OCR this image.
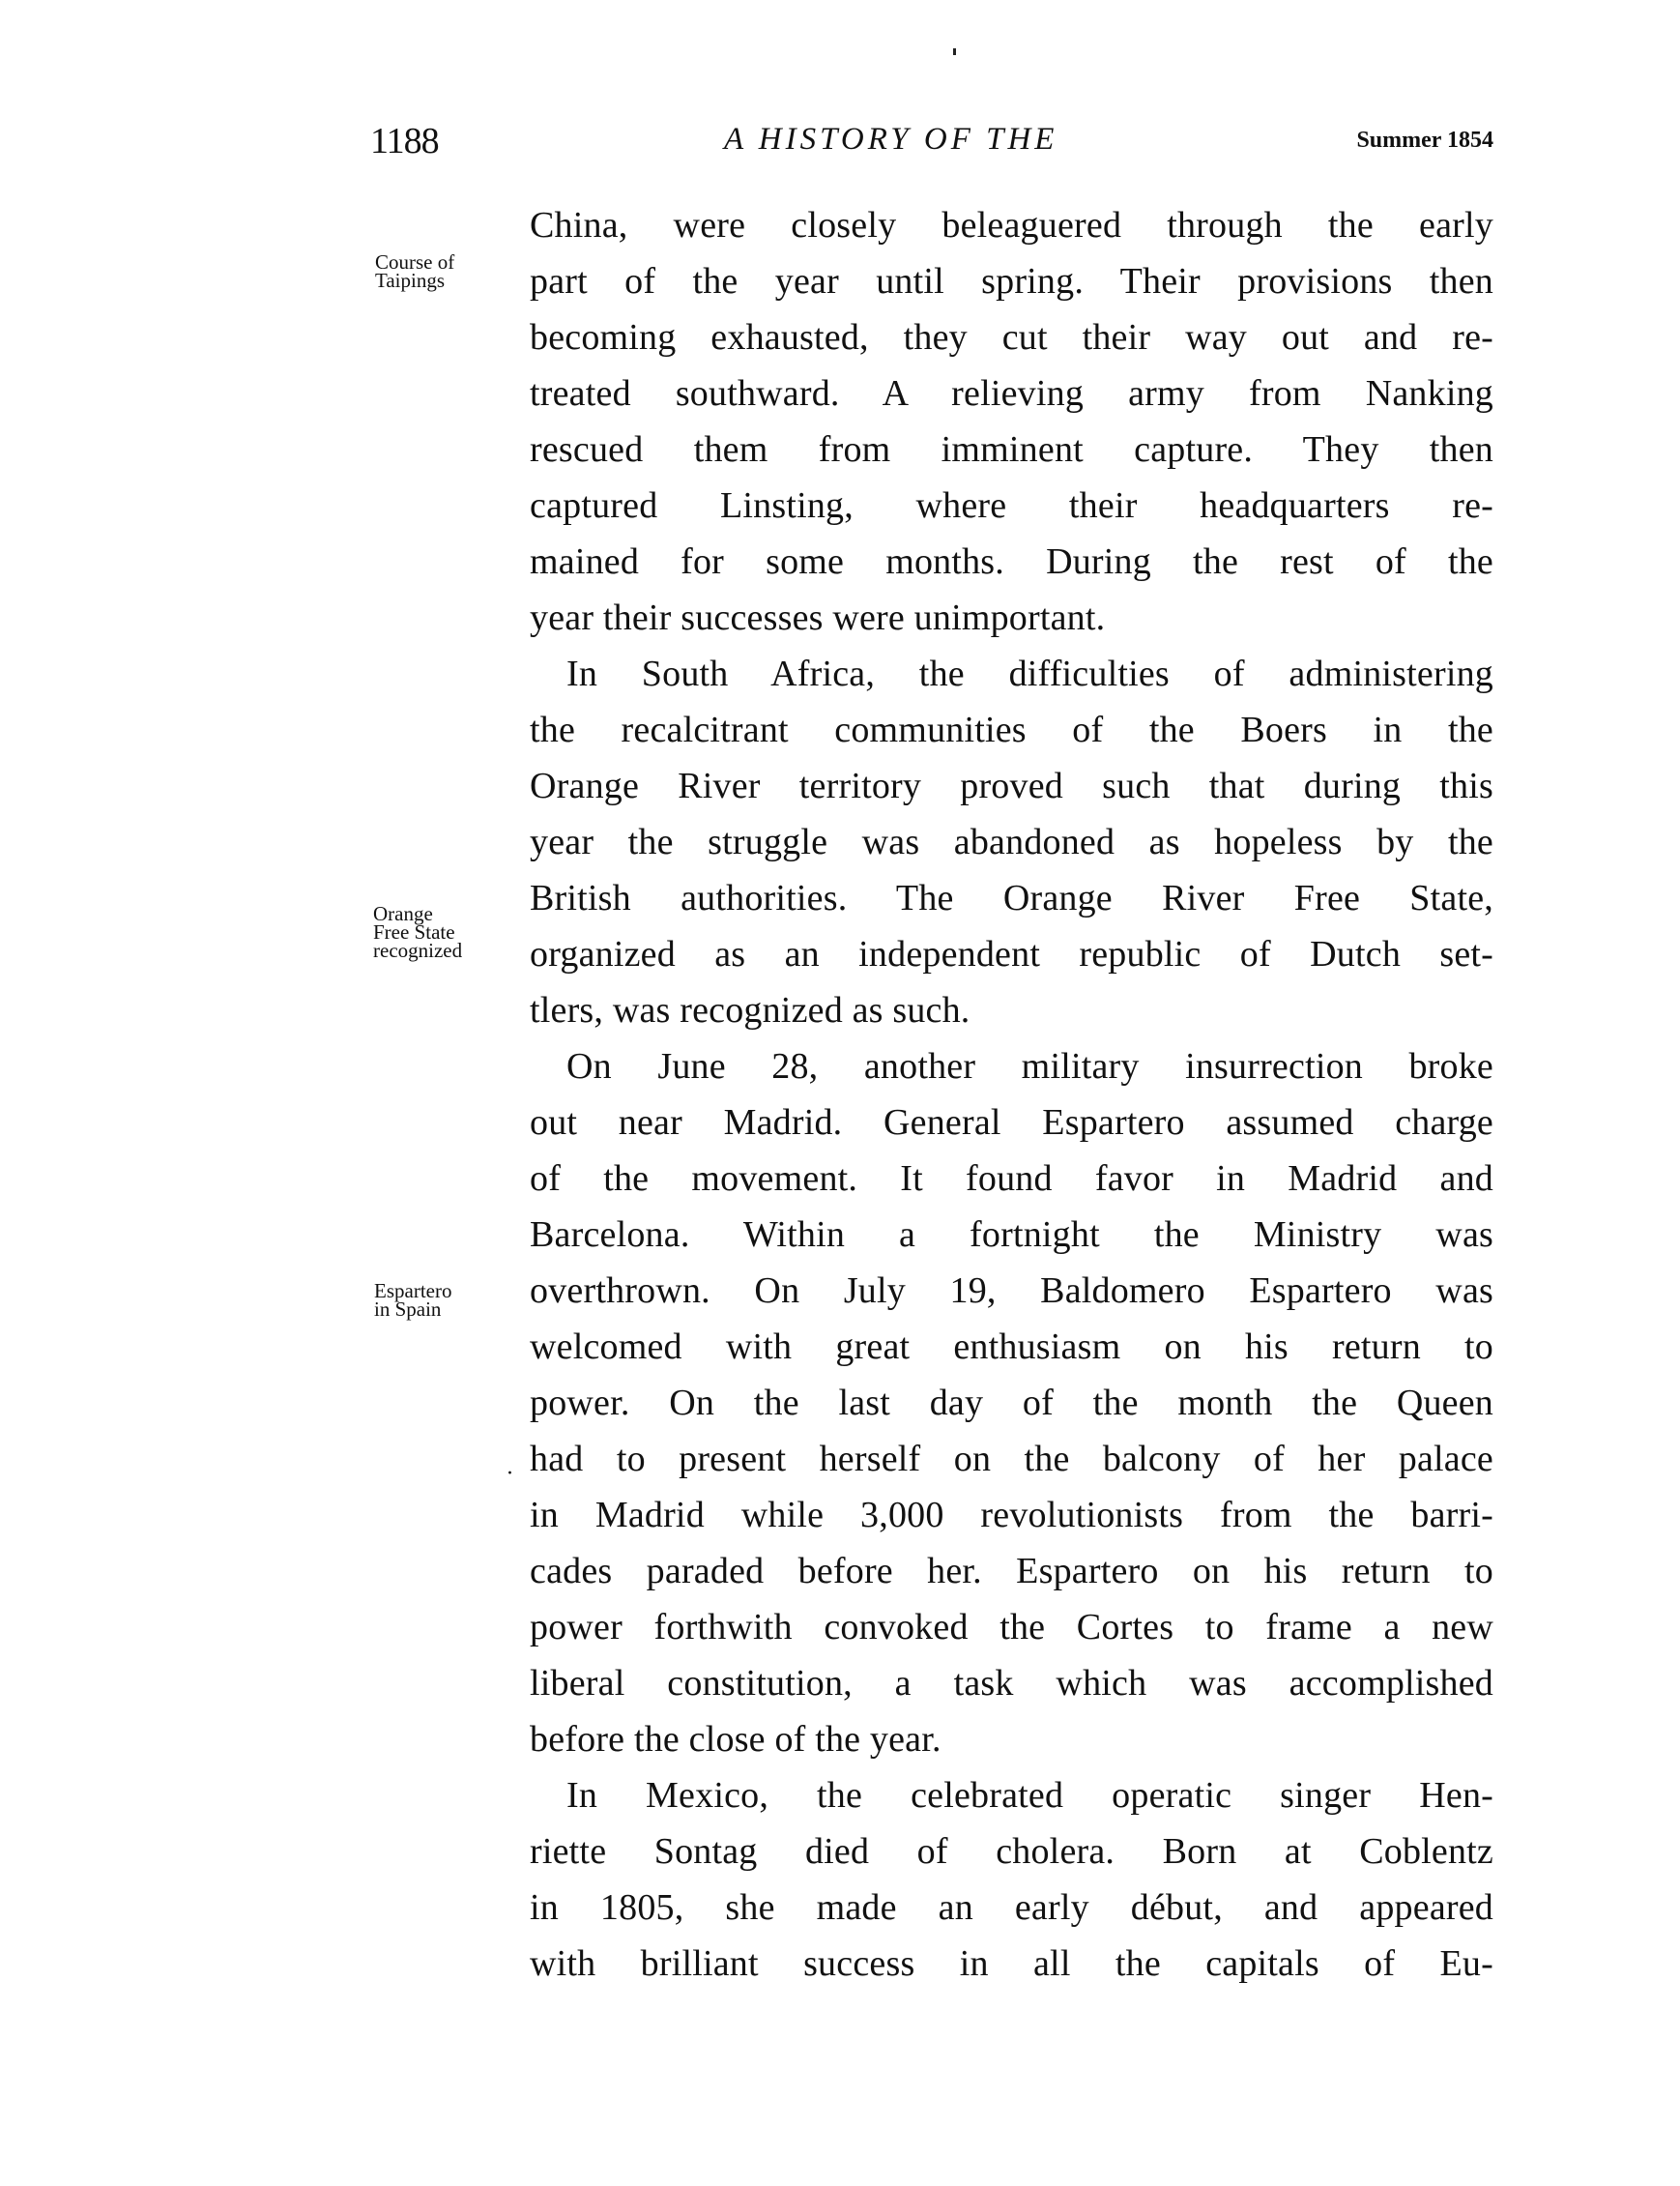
1188	A HISTORY OF THE	Summer 1854
Course of
Taipings
Orange
Free State
recognized
Espartero
in Spain
·
China, were closely beleaguered through the early
part of the year until spring. Their provisions then
becoming exhausted, they cut their way out and re-
treated southward. A relieving army from Nanking
rescued them from imminent capture. They then
captured Linsting, where their headquarters re-
mained for some months. During the rest of the
year their successes were unimportant.
In South Africa, the difficulties of administering
the recalcitrant communities of the Boers in the
Orange River territory proved such that during this
year the struggle was abandoned as hopeless by the
British authorities. The Orange River Free State,
organized as an independent republic of Dutch set-
tlers, was recognized as such.
On June 28, another military insurrection broke
out near Madrid. General Espartero assumed charge
of the movement. It found favor in Madrid and
Barcelona. Within a fortnight the Ministry was
overthrown. On July 19, Baldomero Espartero was
welcomed with great enthusiasm on his return to
power. On the last day of the month the Queen
had to present herself on the balcony of her palace
in Madrid while 3,000 revolutionists from the barri-
cades paraded before her. Espartero on his return to
power forthwith convoked the Cortes to frame a new
liberal constitution, a task which was accomplished
before the close of the year.
In Mexico, the celebrated operatic singer Hen-
riette Sontag died of cholera. Born at Coblentz
in 1805, she made an early début, and appeared
with brilliant success in all the capitals of Eu-
